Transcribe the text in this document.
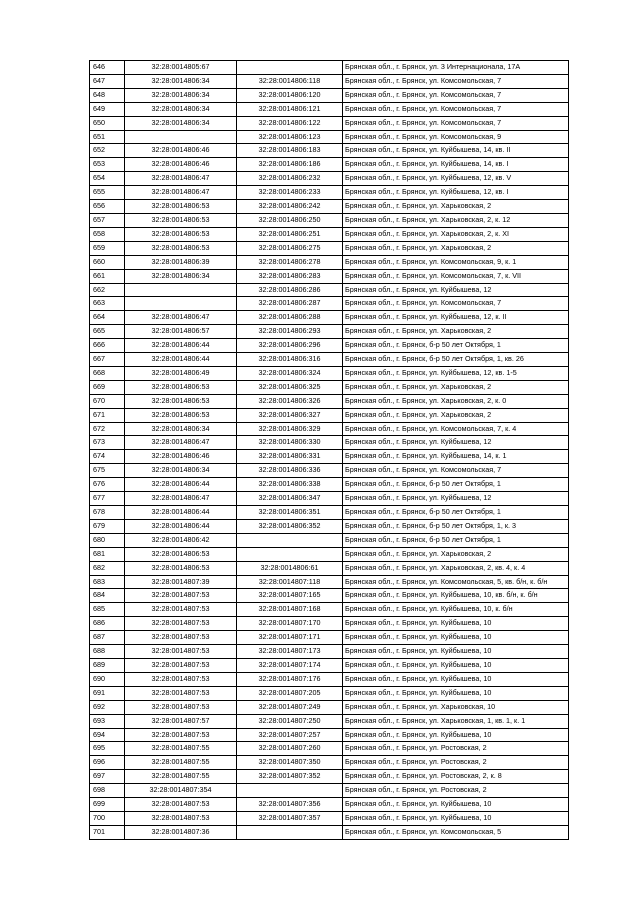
646	32:28:0014805:67		Брянская обл., г. Брянск, ул. 3 Интернационала, 17А
647	32:28:0014806:34	32:28:0014806:118	Брянская обл., г. Брянск, ул. Комсомольская, 7
648	32:28:0014806:34	32:28:0014806:120	Брянская обл., г. Брянск, ул. Комсомольская, 7
649	32:28:0014806:34	32:28:0014806:121	Брянская обл., г. Брянск, ул. Комсомольская, 7
650	32:28:0014806:34	32:28:0014806:122	Брянская обл., г. Брянск, ул. Комсомольская, 7
651		32:28:0014806:123	Брянская обл., г. Брянск, ул. Комсомольская, 9
652	32:28:0014806:46	32:28:0014806:183	Брянская обл., г. Брянск, ул. Куйбышева, 14, кв. II
653	32:28:0014806:46	32:28:0014806:186	Брянская обл., г. Брянск, ул. Куйбышева, 14, кв. I
654	32:28:0014806:47	32:28:0014806:232	Брянская обл., г. Брянск, ул. Куйбышева, 12, кв. V
655	32:28:0014806:47	32:28:0014806:233	Брянская обл., г. Брянск, ул. Куйбышева, 12, кв. I
656	32:28:0014806:53	32:28:0014806:242	Брянская обл., г. Брянск, ул. Харьковская, 2
657	32:28:0014806:53	32:28:0014806:250	Брянская обл., г. Брянск, ул. Харьковская, 2, к. 12
658	32:28:0014806:53	32:28:0014806:251	Брянская обл., г. Брянск, ул. Харьковская, 2, к. XI
659	32:28:0014806:53	32:28:0014806:275	Брянская обл., г. Брянск, ул. Харьковская, 2
660	32:28:0014806:39	32:28:0014806:278	Брянская обл., г. Брянск, ул. Комсомольская, 9, к. 1
661	32:28:0014806:34	32:28:0014806:283	Брянская обл., г. Брянск, ул. Комсомольская, 7, к. VII
662		32:28:0014806:286	Брянская обл., г. Брянск, ул. Куйбышева, 12
663		32:28:0014806:287	Брянская обл., г. Брянск, ул. Комсомольская, 7
664	32:28:0014806:47	32:28:0014806:288	Брянская обл., г. Брянск, ул. Куйбышева, 12, к. II
665	32:28:0014806:57	32:28:0014806:293	Брянская обл., г. Брянск, ул. Харьковская, 2
666	32:28:0014806:44	32:28:0014806:296	Брянская обл., г. Брянск, б-р 50 лет Октября, 1
667	32:28:0014806:44	32:28:0014806:316	Брянская обл., г. Брянск, б-р 50 лет Октября, 1, кв. 26
668	32:28:0014806:49	32:28:0014806:324	Брянская обл., г. Брянск, ул. Куйбышева, 12, кв. 1-5
669	32:28:0014806:53	32:28:0014806:325	Брянская обл., г. Брянск, ул. Харьковская, 2
670	32:28:0014806:53	32:28:0014806:326	Брянская обл., г. Брянск, ул. Харьковская, 2, к. 0
671	32:28:0014806:53	32:28:0014806:327	Брянская обл., г. Брянск, ул. Харьковская, 2
672	32:28:0014806:34	32:28:0014806:329	Брянская обл., г. Брянск, ул. Комсомольская, 7, к. 4
673	32:28:0014806:47	32:28:0014806:330	Брянская обл., г. Брянск, ул. Куйбышева, 12
674	32:28:0014806:46	32:28:0014806:331	Брянская обл., г. Брянск, ул. Куйбышева, 14, к. 1
675	32:28:0014806:34	32:28:0014806:336	Брянская обл., г. Брянск, ул. Комсомольская, 7
676	32:28:0014806:44	32:28:0014806:338	Брянская обл., г. Брянск, б-р 50 лет Октября, 1
677	32:28:0014806:47	32:28:0014806:347	Брянская обл., г. Брянск, ул. Куйбышева, 12
678	32:28:0014806:44	32:28:0014806:351	Брянская обл., г. Брянск, б-р 50 лет Октября, 1
679	32:28:0014806:44	32:28:0014806:352	Брянская обл., г. Брянск, б-р 50 лет Октября, 1, к. 3
680	32:28:0014806:42		Брянская обл., г. Брянск, б-р 50 лет Октября, 1
681	32:28:0014806:53		Брянская обл., г. Брянск, ул. Харьковская, 2
682	32:28:0014806:53	32:28:0014806:61	Брянская обл., г. Брянск, ул. Харьковская, 2, кв. 4, к. 4
683	32:28:0014807:39	32:28:0014807:118	Брянская обл., г. Брянск, ул. Комсомольская, 5, кв. б/н, к. б/н
684	32:28:0014807:53	32:28:0014807:165	Брянская обл., г. Брянск, ул. Куйбышева, 10, кв. б/н, к. б/н
685	32:28:0014807:53	32:28:0014807:168	Брянская обл., г. Брянск, ул. Куйбышева, 10, к. б/н
686	32:28:0014807:53	32:28:0014807:170	Брянская обл., г. Брянск, ул. Куйбышева, 10
687	32:28:0014807:53	32:28:0014807:171	Брянская обл., г. Брянск, ул. Куйбышева, 10
688	32:28:0014807:53	32:28:0014807:173	Брянская обл., г. Брянск, ул. Куйбышева, 10
689	32:28:0014807:53	32:28:0014807:174	Брянская обл., г. Брянск, ул. Куйбышева, 10
690	32:28:0014807:53	32:28:0014807:176	Брянская обл., г. Брянск, ул. Куйбышева, 10
691	32:28:0014807:53	32:28:0014807:205	Брянская обл., г. Брянск, ул. Куйбышева, 10
692	32:28:0014807:53	32:28:0014807:249	Брянская обл., г. Брянск, ул. Харьковская, 10
693	32:28:0014807:57	32:28:0014807:250	Брянская обл., г. Брянск, ул. Харьковская, 1, кв. 1, к. 1
694	32:28:0014807:53	32:28:0014807:257	Брянская обл., г. Брянск, ул. Куйбышева, 10
695	32:28:0014807:55	32:28:0014807:260	Брянская обл., г. Брянск, ул. Ростовская, 2
696	32:28:0014807:55	32:28:0014807:350	Брянская обл., г. Брянск, ул. Ростовская, 2
697	32:28:0014807:55	32:28:0014807:352	Брянская обл., г. Брянск, ул. Ростовская, 2, к. 8
698	32:28:0014807:354		Брянская обл., г. Брянск, ул. Ростовская, 2
699	32:28:0014807:53	32:28:0014807:356	Брянская обл., г. Брянск, ул. Куйбышева, 10
700	32:28:0014807:53	32:28:0014807:357	Брянская обл., г. Брянск, ул. Куйбышева, 10
701	32:28:0014807:36		Брянская обл., г. Брянск, ул. Комсомольская, 5
